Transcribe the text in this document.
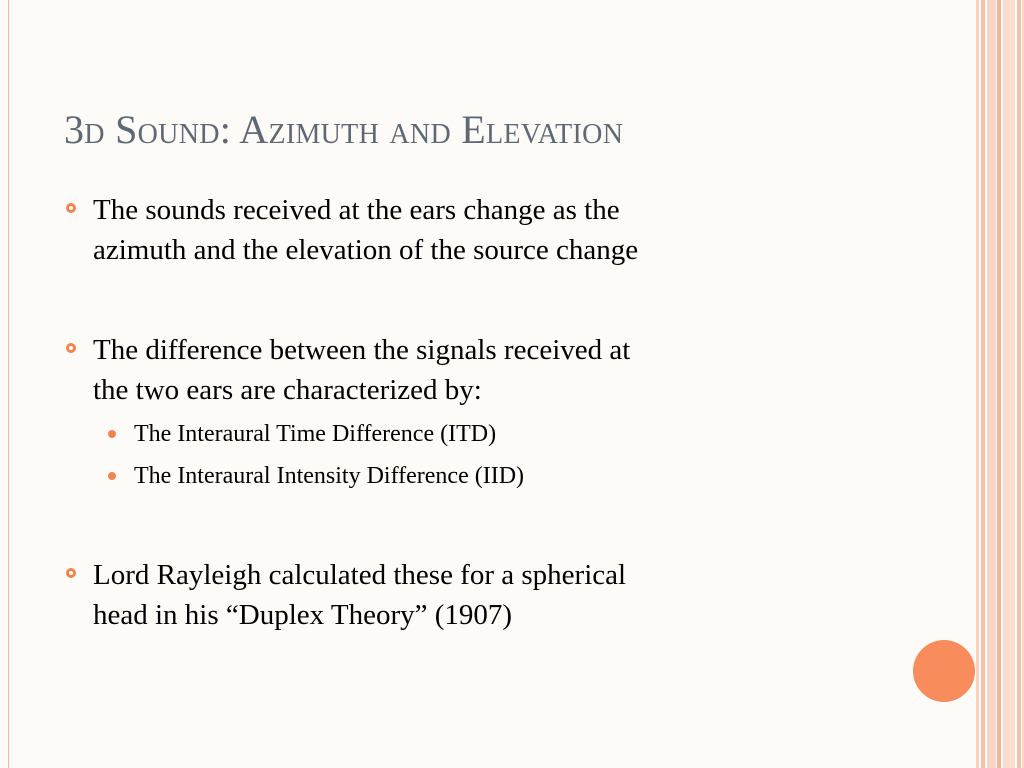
3d Sound: Azimuth and Elevation
The sounds received at the ears change as the
azimuth and the elevation of the source change
The difference between the signals received at
the two ears are characterized by:
The Interaural Time Difference (ITD)
The Interaural Intensity Difference (IID)
Lord Rayleigh calculated these for a spherical
head in his “Duplex Theory” (1907)
